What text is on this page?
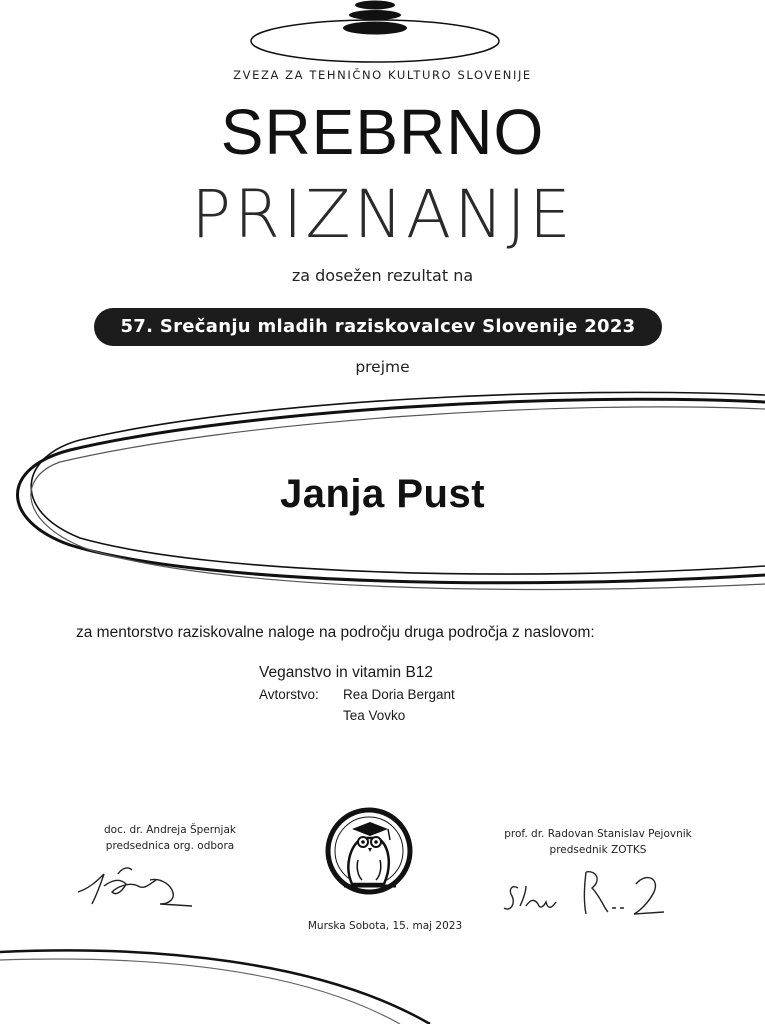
ZVEZA ZA TEHNIČNO KULTURO SLOVENIJE
SREBRNO
PRIZNANJE
za dosežen rezultat na
57. Srečanju mladih raziskovalcev Slovenije 2023
prejme
Janja Pust
za mentorstvo raziskovalne naloge na področju druga področja z naslovom:
Veganstvo in vitamin B12
Avtorstvo: Rea Doria Bergant
Tea Vovko
doc. dr. Andreja Špernjak
predsednica org. odbora
prof. dr. Radovan Stanislav Pejovnik
predsednik ZOTKS
Murska Sobota, 15. maj 2023
